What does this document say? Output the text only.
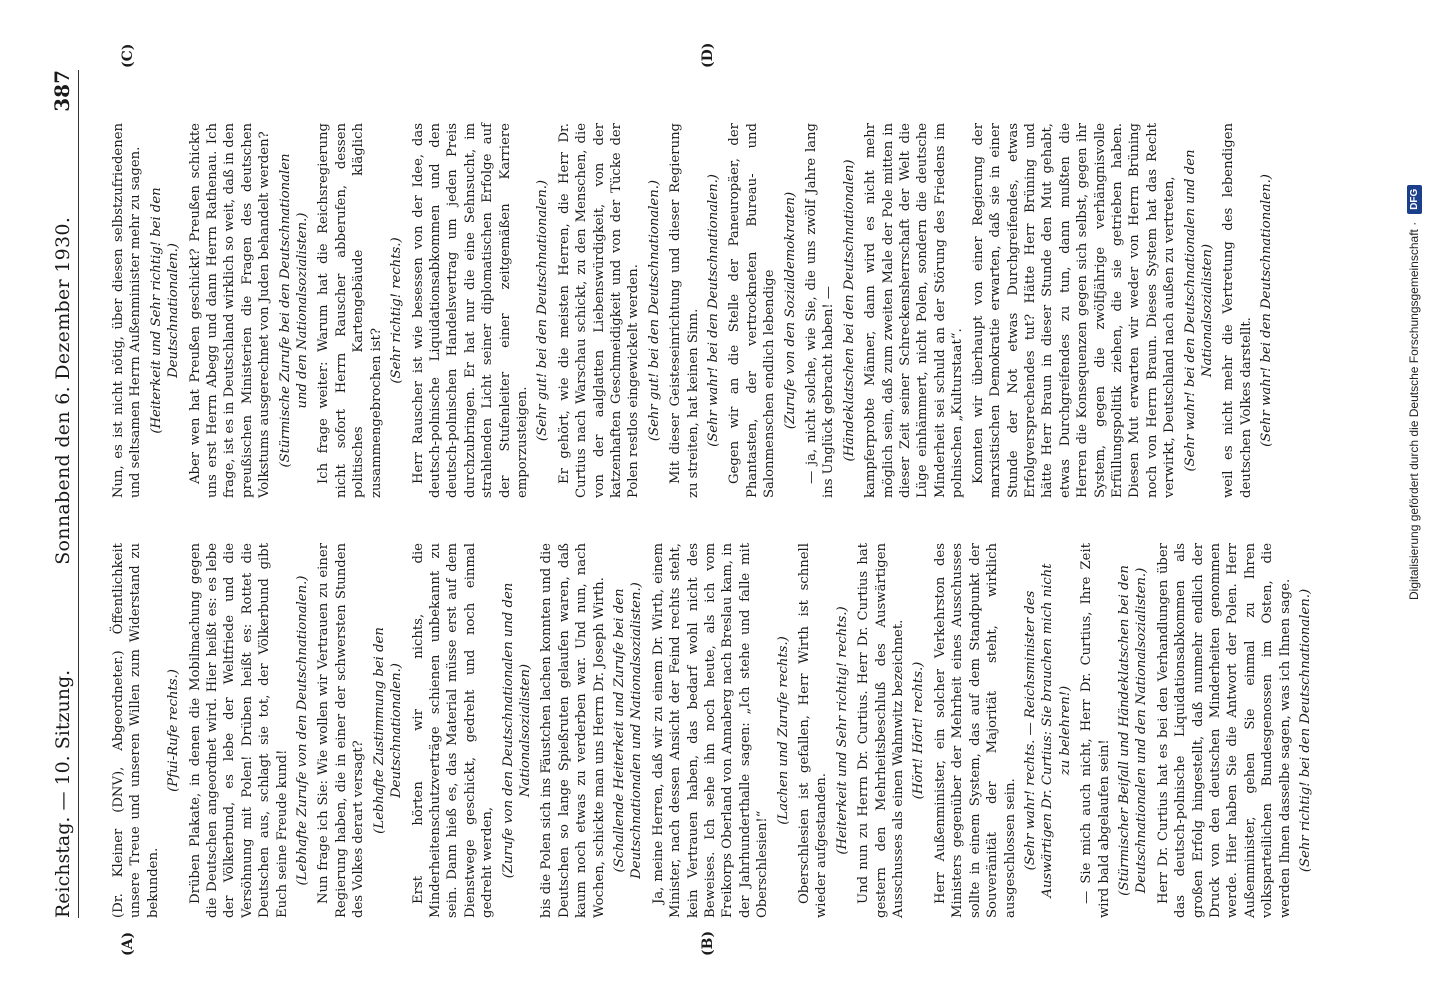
Reichstag. — 10. Sitzung.
Sonnabend den 6. Dezember 1930.
387
(A)	(B)
(C)	(D)

(Dr. Kleiner (DNV), Abgeordneter.) Öffentlichkeit unsere Treue und unseren Willen zum Widerstand zu bekunden.

(Pfui-Rufe rechts.) Drüben Plakate, in denen die Mobilmachung gegen die Deutschen angeordnet wird. Hier heißt es: es lebe der Völkerbund, es lebe der Weltfriede und die Versöhnung mit Polen! Drüben heißt es: Rottet die Deutschen aus, schlagt sie tot, der Völkerbund gibt Euch seine Freude kund! (Lebhafte Zurufe von den Deutschnationalen.) Nun frage ich Sie: Wie wollen wir Vertrauen zu einer Regierung haben, die in einer der schwersten Stunden des Volkes derart versagt? (Lebhafte Zustimmung bei den Deutschnationalen.) Erst hörten wir nichts, die Minderheitenschutzverträge schienen unbekannt zu sein. Dann hieß es, das Material müsse erst auf dem Dienstwege geschickt, gedreht und noch einmal gedreht werden, (Zurufe von den Deutschnationalen und den Nationalsozialisten) bis die Polen sich ins Fäustchen lachen konnten und die Deutschen so lange Spießruten gelaufen waren, daß kaum noch etwas zu verderben war. Und nun, nach Wochen, schickte man uns Herrn Dr. Joseph Wirth. (Schallende Heiterkeit und Zurufe bei den Deutschnationalen und Nationalsozialisten.) Ja, meine Herren, daß wir zu einem Dr. Wirth, einem Minister, nach dessen Ansicht der Feind rechts steht, kein Vertrauen haben, das bedarf wohl nicht des Beweises. Ich sehe ihn noch heute, als ich vom Freikorps Oberland von Annaberg nach Breslau kam, in der Jahrhunderthalle sagen: „Ich stehe und falle mit Oberschlesien!“

(Lachen und Zurufe rechts.) Oberschlesien ist gefallen, Herr Wirth ist schnell wieder aufgestanden. (Heiterkeit und Sehr richtig! rechts.) Und nun zu Herrn Dr. Curtius. Herr Dr. Curtius hat gestern den Mehrheitsbeschluß des Auswärtigen Ausschusses als einen Wahnwitz bezeichnet. (Hört! Hört! rechts.) Herr Außenminister, ein solcher Verkehrston des Ministers gegenüber der Mehrheit eines Ausschusses sollte in einem System, das auf dem Standpunkt der Souveränität der Majorität steht, wirklich ausgeschlossen sein. (Sehr wahr! rechts. — Reichsminister des Auswärtigen Dr. Curtius: Sie brauchen mich nicht zu belehren!) — Sie mich auch nicht, Herr Dr. Curtius, Ihre Zeit wird bald abgelaufen sein! (Stürmischer Beifall und Händeklatschen bei den Deutschnationalen und den Nationalsozialisten.) Herr Dr. Curtius hat es bei den Verhandlungen über das deutsch-polnische Liquidationsabkommen als großen Erfolg hingestellt, daß nunmehr endlich der Druck von den deutschen Minderheiten genommen werde. Hier haben Sie die Antwort der Polen. Herr Außenminister, gehen Sie einmal zu Ihren volksparteilichen Bundesgenossen im Osten, die werden Ihnen dasselbe sagen, was ich Ihnen sage. (Sehr richtig! bei den Deutschnationalen.)

Nun, es ist nicht nötig, über diesen selbstzufriedenen und seltsamen Herrn Außenminister mehr zu sagen. (Heiterkeit und Sehr richtig! bei den Deutschnationalen.) Aber wen hat Preußen geschickt? Preußen schickte uns erst Herrn Abegg und dann Herrn Rathenau. Ich frage, ist es in Deutschland wirklich so weit, daß in den preußischen Ministerien die Fragen des deutschen Volkstums ausgerechnet von Juden behandelt werden? (Stürmische Zurufe bei den Deutschnationalen und den Nationalsozialisten.) Ich frage weiter: Warum hat die Reichsregierung nicht sofort Herrn Rauscher abberufen, dessen politisches Kartengebäude kläglich zusammengebrochen ist?

(Sehr richtig! rechts.) Herr Rauscher ist wie besessen von der Idee, das deutsch-polnische Liquidationsabkommen und den deutsch-polnischen Handelsvertrag um jeden Preis durchzubringen. Er hat nur die eine Sehnsucht, im strahlenden Licht seiner diplomatischen Erfolge auf der Stufenleiter einer zeitgemäßen Karriere emporzusteigen.

(Sehr gut! bei den Deutschnationalen.) Er gehört, wie die meisten Herren, die Herr Dr. Curtius nach Warschau schickt, zu den Menschen, die von der aalglatten Liebenswürdigkeit, von der katzenhaften Geschmeidigkeit und von der Tücke der Polen restlos eingewickelt werden. (Sehr gut! bei den Deutschnationalen.) Mit dieser Geisteseinrichtung und dieser Regierung zu streiten, hat keinen Sinn. (Sehr wahr! bei den Deutschnationalen.) Gegen wir an die Stelle der Paneuropäer, der Phantasten, der vertrockneten Bureau- und Salonmenschen endlich lebendige (Zurufe von den Sozialdemokraten) — ja, nicht solche, wie Sie, die uns zwölf Jahre lang ins Unglück gebracht haben! — (Händeklatschen bei den Deutschnationalen) kampferprobte Männer, dann wird es nicht mehr möglich sein, daß zum zweiten Male der Pole mitten in dieser Zeit seiner Schreckensherrschaft der Welt die Lüge einhämmert, nicht Polen, sondern die deutsche Minderheit sei schuld an der Störung des Friedens im polnischen „Kulturstaat“. Konnten wir überhaupt von einer Regierung der marxistischen Demokratie erwarten, daß sie in einer Stunde der Not etwas Durchgreifendes, etwas Erfolgversprechendes tut? Hätte Herr Brüning und hätte Herr Braun in dieser Stunde den Mut gehabt, etwas Durchgreifendes zu tun, dann mußten die Herren die Konsequenzen gegen sich selbst, gegen ihr System, gegen die zwölfjährige verhängnisvolle Erfüllungspolitik ziehen, die sie getrieben haben. Diesen Mut erwarten wir weder von Herrn Brüning noch von Herrn Braun. Dieses System hat das Recht verwirkt, Deutschland nach außen zu vertreten, (Sehr wahr! bei den Deutschnationalen und den Nationalsozialisten) weil es nicht mehr die Vertretung des lebendigen deutschen Volkes darstellt. (Sehr wahr! bei den Deutschnationalen.)	Digitalisierung gefördert durch die Deutsche Forschungsgemeinschaft ·
DFG
